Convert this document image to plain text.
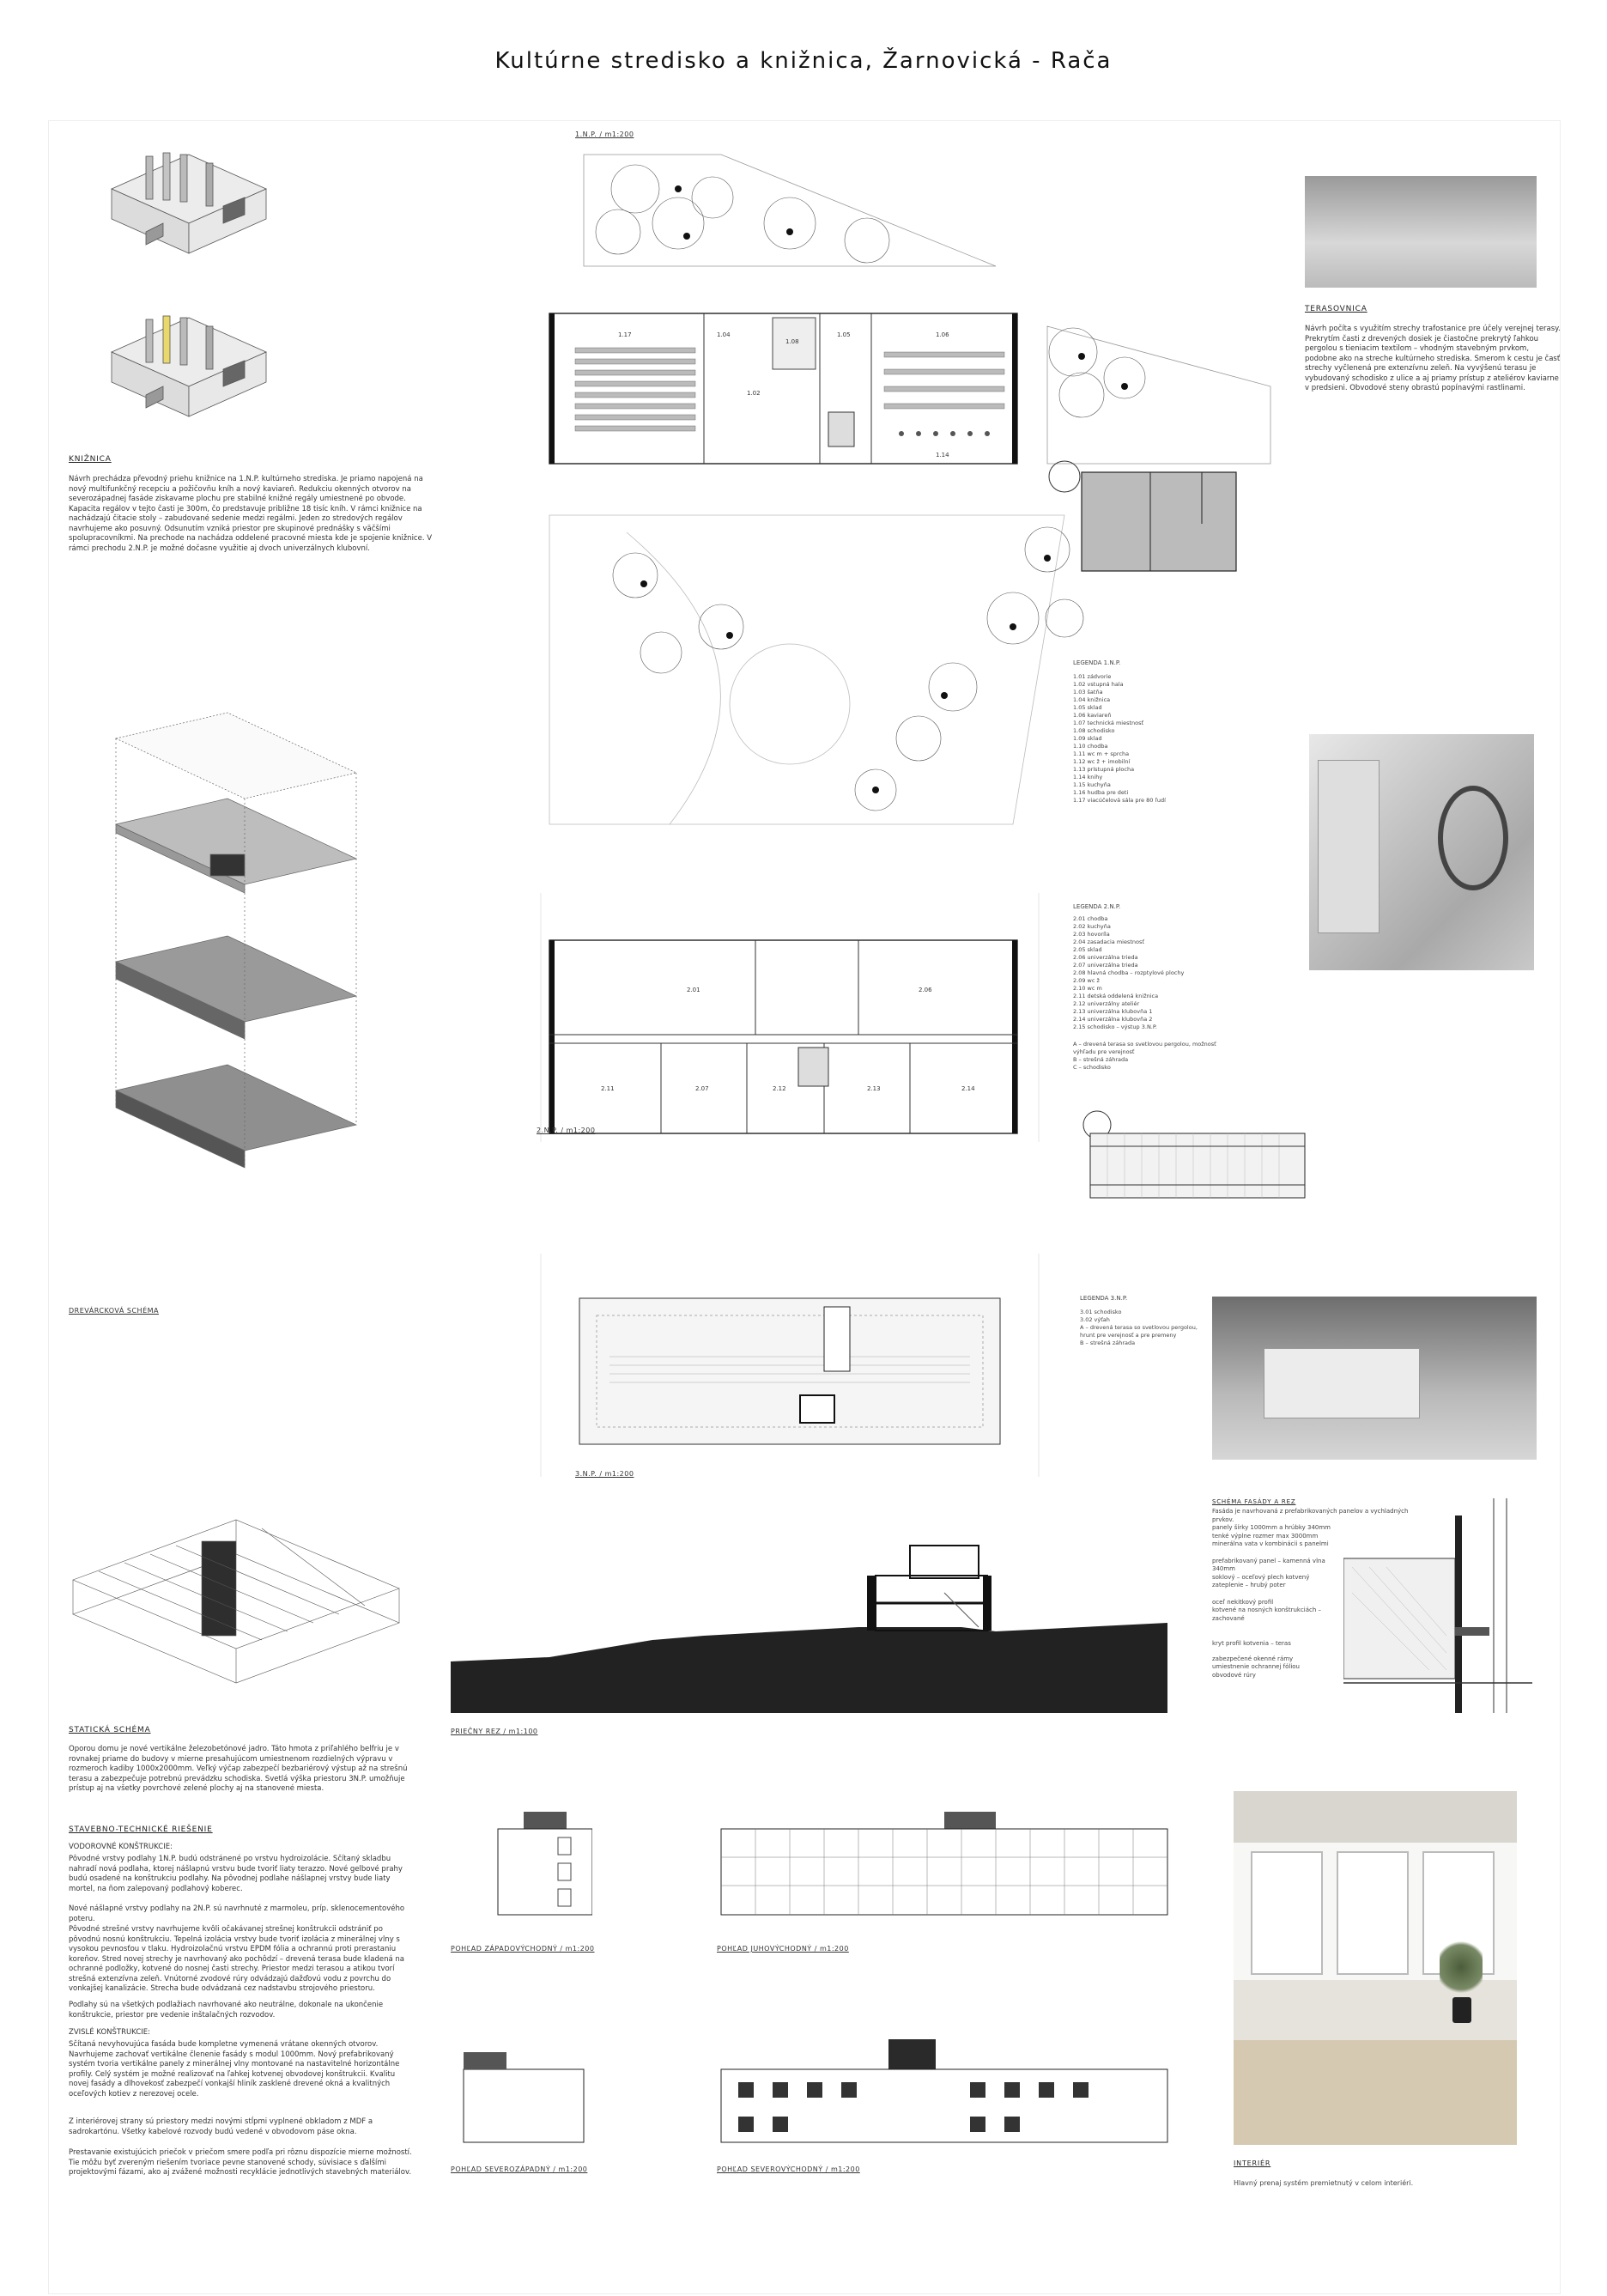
Kultúrne stredisko a knižnica, Žarnovická - Rača
KNIŽNICA
Návrh prechádza převodný priehu knižnice na 1.N.P. kultúrneho strediska. Je priamo napojená na nový multifunkčný recepciu a požičovňu kníh a nový kaviareň. Redukciu okenných otvorov na severozápadnej fasáde ziskavame plochu pre stabilné knižné regály umiestnené po obvode. Kapacita regálov v tejto časti je 300m, čo predstavuje približne 18 tisíc kníh. V rámci knižnice na nachádzajú čitacie stoly – zabudované sedenie medzi regálmi. Jeden zo stredových regálov navrhujeme ako posuvný. Odsunutím vzniká priestor pre skupinové prednášky s väčšími spolupracovníkmi. Na prechode na nachádza oddelené pracovné miesta kde je spojenie knižnice. V rámci prechodu 2.N.P. je možné dočasne využitie aj dvoch univerzálnych klubovní.
DREVÁRCKOVÁ SCHÉMA
STATICKÁ SCHÉMA
Oporou domu je nové vertikálne železobetónové jadro. Táto hmota z priľahlého belfriu je v rovnakej priame do budovy v mierne presahujúcom umiestnenom rozdielných výpravu v rozmeroch kadiby 1000x2000mm. Veľký výčap zabezpečí bezbariérový výstup až na strešnú terasu a zabezpečuje potrebnú prevádzku schodiska. Svetlá výška priestoru 3N.P. umožňuje prístup aj na všetky povrchové zelené plochy aj na stanovené miesta.
STAVEBNO-TECHNICKÉ RIEŠENIE
VODOROVNÉ KONŠTRUKCIE:
Pôvodné vrstvy podlahy 1N.P. budú odstránené po vrstvu hydroizolácie. Sčítaný skladbu nahradí nová podlaha, ktorej nášlapnú vrstvu bude tvoriť liaty terazzo. Nové gelbové prahy budú osadené na konštrukciu podlahy. Na pôvodnej podlahe nášlapnej vrstvy bude liaty mortel, na ňom zalepovaný podlahový koberec.
Nové nášlapné vrstvy podlahy na 2N.P. sú navrhnuté z marmoleu, príp. sklenocementového poteru.
Pôvodné strešné vrstvy navrhujeme kvôli očakávanej strešnej konštrukcii odstrániť po pôvodnú nosnú konštrukciu. Tepelná izolácia vrstvy bude tvoriť izolácia z minerálnej vlny s vysokou pevnosťou v tlaku. Hydroizolačnú vrstvu EPDM fólia a ochrannú proti prerastaniu koreňov. Stred novej strechy je navrhovaný ako pochôdzí – drevená terasa bude kladená na ochranné podložky, kotvené do nosnej časti strechy. Priestor medzi terasou a atikou tvorí strešná extenzívna zeleň. Vnútorné zvodové rúry odvádzajú dažďovú vodu z povrchu do vonkajšej kanalizácie. Strecha bude odvádzaná cez nadstavbu strojového priestoru.
Podlahy sú na všetkých podlažiach navrhované ako neutrálne, dokonale na ukončenie konštrukcie, priestor pre vedenie inštalačných rozvodov.
ZVISLÉ KONŠTRUKCIE:
Sčítaná nevyhovujúca fasáda bude kompletne vymenená vrátane okenných otvorov. Navrhujeme zachovať vertikálne členenie fasády s modul 1000mm. Nový prefabrikovaný systém tvoria vertikálne panely z minerálnej vlny montované na nastavitelné horizontálne profily. Celý systém je možné realizovať na ľahkej kotvenej obvodovej konštrukcii. Kvalitu novej fasády a dlhovekosť zabezpečí vonkajší hliník zasklené drevené okná a kvalitných oceľových kotiev z nerezovej ocele.
Z interiérovej strany sú priestory medzi novými stĺpmi vyplnené obkladom z MDF a sadrokartónu. Všetky kabelové rozvody budú vedené v obvodovom páse okna.
Prestavanie existujúcich priečok v priečom smere podľa pri rôznu dispozície mierne možností. Tie môžu byť zvereným riešením tvoriace pevne stanovené schody, súvisiace s ďalšími projektovými fázami, ako aj zvážené možnosti recyklácie jednotlivých stavebných materiálov.
1.N.P. / m1:200
1.17	1.04
1.02
1.06
1.05
1.08
1.14
LEGENDA 1.N.P.
1.01 zádvorie
1.02 vstupná hala
1.03 šatňa
1.04 knižnica
1.05 sklad
1.06 kaviareň
1.07 technická miestnosť
1.08 schodisko
1.09 sklad
1.10 chodba
1.11 wc m + sprcha
1.12 wc ž + imobilní
1.13 prístupná plocha
1.14 knihy
1.15 kuchyňa
1.16 hudba pre deti
1.17 viacúčelová sála pre 80 ľudí
2.01	2.06
2.11	2.07	2.12	2.13	2.14
2.N.P. / m1:200
LEGENDA 2.N.P.
2.01 chodba
2.02 kuchyňa
2.03 hovoríla
2.04 zasadacia miestnosť
2.05 sklad
2.06 univerzálna trieda
2.07 univerzálna trieda
2.08 hlavná chodba – rozptylové plochy
2.09 wc ž
2.10 wc m
2.11 detská oddelená knižnica
2.12 univerzálny ateliér
2.13 univerzálna klubovňa 1
2.14 univerzálna klubovňa 2
2.15 schodisko – výstup 3.N.P.
A – drevená terasa so svetlovou pergolou, možnosť výhľadu pre verejnosť
B – strešná záhrada
C – schodisko
3.N.P. / m1:200
LEGENDA 3.N.P.
3.01 schodisko
3.02 výťah
A – drevená terasa so svetlovou pergolou, hrunt pre verejnosť a pre premeny
B – strešná záhrada
PRIEČNY REZ / m1:100
POHĽAD ZÁPADOVÝCHODNÝ / m1:200	POHĽAD JUHOVÝCHODNÝ / m1:200
POHĽAD SEVEROZÁPADNÝ / m1:200	POHĽAD SEVEROVÝCHODNÝ / m1:200
TERASOVNICA
Návrh počíta s využitím strechy trafostanice pre účely verejnej terasy. Prekrytím časti z drevených dosiek je čiastočne prekrytý ľahkou pergolou s tieniacim textilom – vhodným stavebným prvkom, podobne ako na streche kultúrneho strediska. Smerom k cestu je časť strechy vyčlenená pre extenzívnu zeleň. Na vyvýšenú terasu je vybudovaný schodisko z ulice a aj priamy prístup z ateliérov kaviarne v predsieni. Obvodové steny obrastú popínavými rastlinami.
SCHÉMA FASÁDY A REZ
Fasáda je navrhovaná z prefabrikovaných panelov a vychladných prvkov.
panely šírky 1000mm a hrúbky 340mm
tenké výplne rozmer max 3000mm
minerálna vata v kombinácii s panelmi
prefabrikovaný panel – kamenná vlna 340mm
soklový – oceľový plech kotvený
zateplenie – hrubý poter
oceľ nekitkový profil
kotvené na nosných konštrukciách – zachované
kryt profil kotvenia – teras
zabezpečené okenné rámy
umiestnenie ochrannej fóliou
obvodové rúry
INTERIÉR
Hlavný prenaj systém premietnutý v celom interiéri.
